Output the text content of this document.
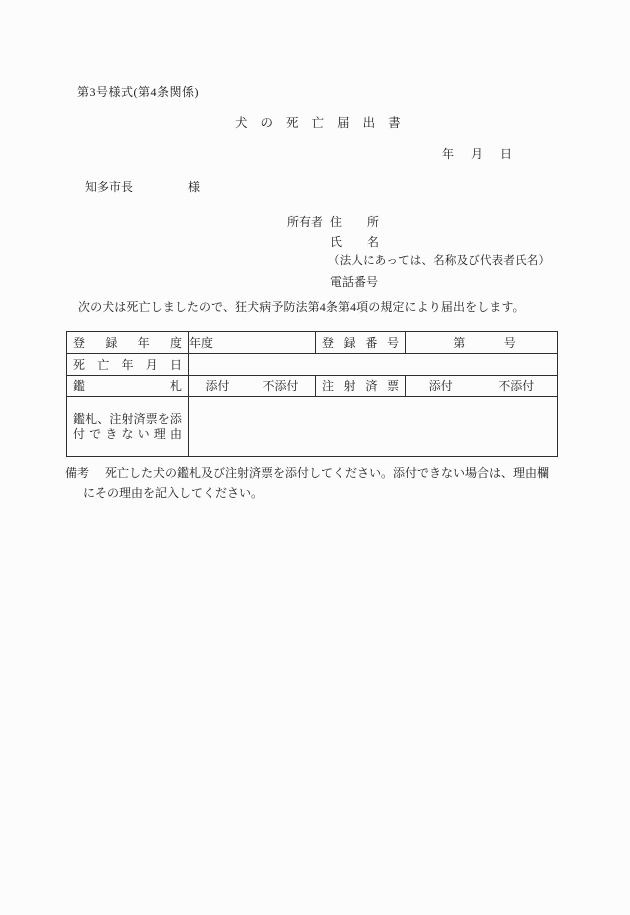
第3号様式(第4条関係)
犬 の 死 亡 届 出 書
年 月 日
知多市長	様
所有者 住 所
氏 名
（法人にあっては、名称及び代表者氏名）
電話番号
次の犬は死亡しましたので、狂犬病予防法第4条第4項の規定により届出をします。
登 録 年 度	年度	登 録 番 号	第 号

死 亡 年 月 日			

鑑 札	添付 不添付	注 射 済 票	添付 不添付

鑑 札 、 注 射 済 票 を 添
付 で き な い 理 由

備考 死亡した犬の鑑札及び注射済票を添付してください。添付できない場合は、理由欄
にその理由を記入してください。
